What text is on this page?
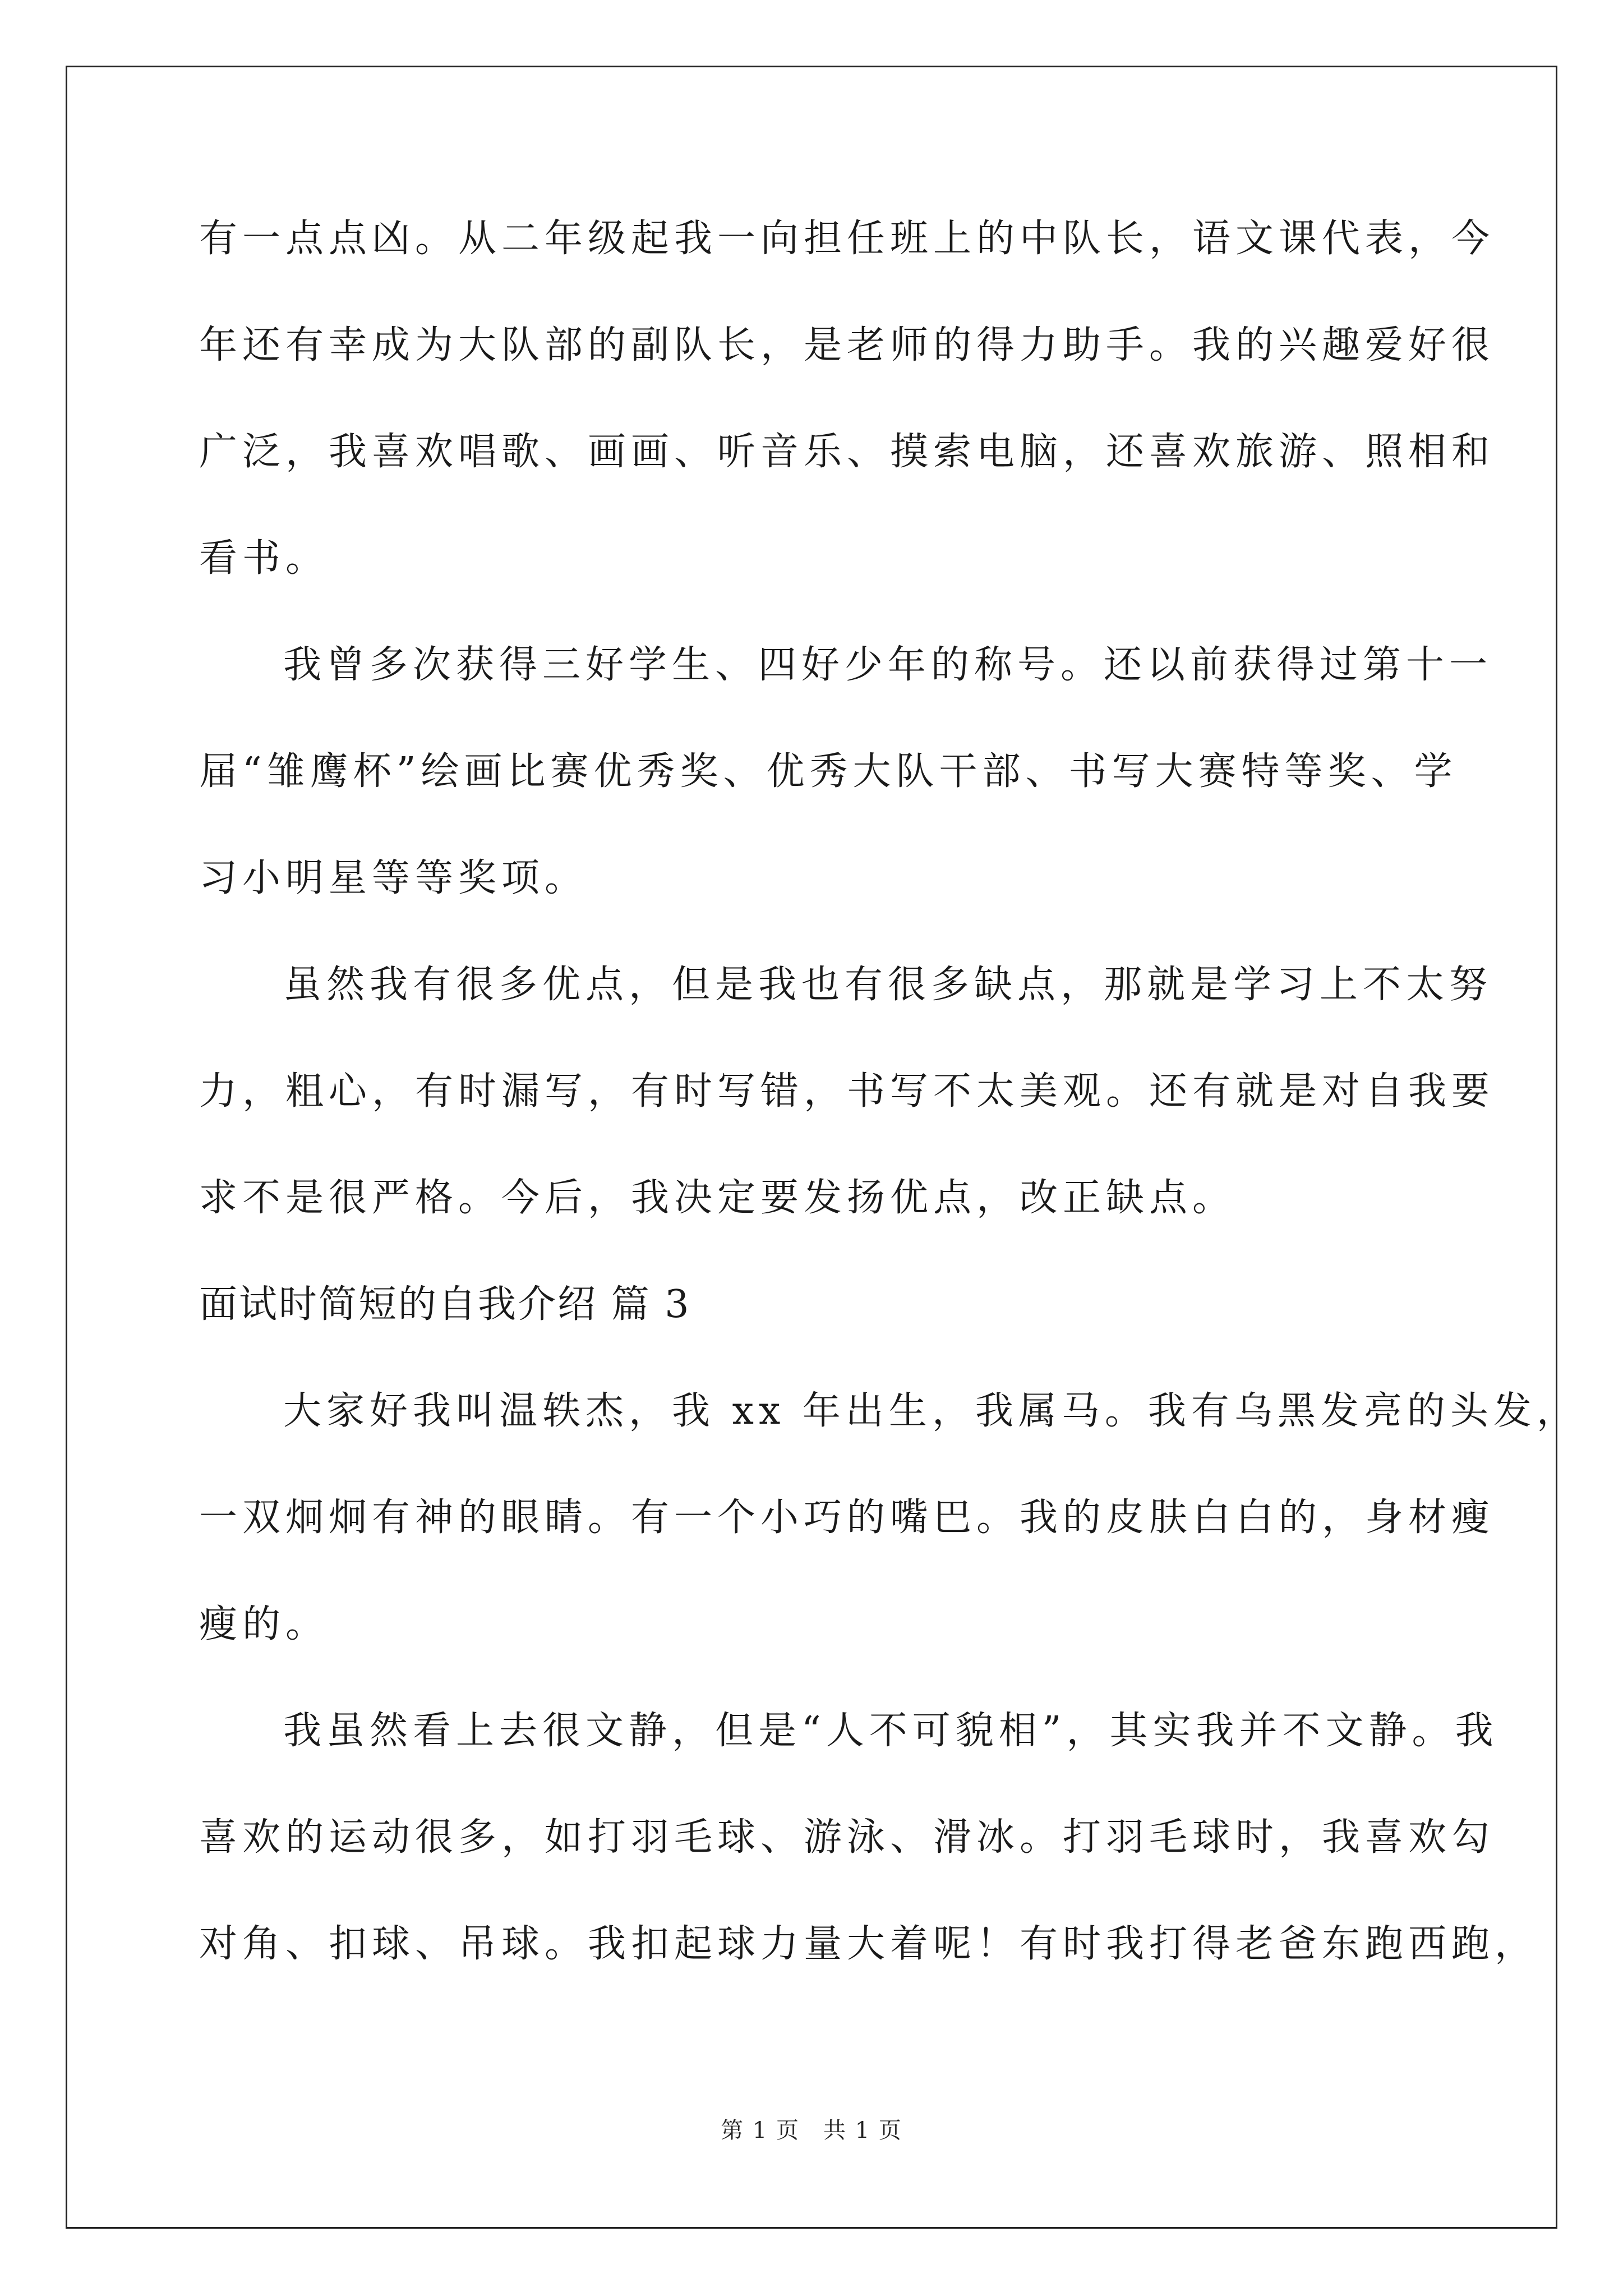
有一点点凶。从二年级起我一向担任班上的中队长，语文课代表，今
年还有幸成为大队部的副队长，是老师的得力助手。我的兴趣爱好很
广泛，我喜欢唱歌、画画、听音乐、摸索电脑，还喜欢旅游、照相和
看书。
我曾多次获得三好学生、四好少年的称号。还以前获得过第十一
届“雏鹰杯”绘画比赛优秀奖、优秀大队干部、书写大赛特等奖、学
习小明星等等奖项。
虽然我有很多优点，但是我也有很多缺点，那就是学习上不太努
力，粗心，有时漏写，有时写错，书写不太美观。还有就是对自我要
求不是很严格。今后，我决定要发扬优点，改正缺点。
面试时简短的自我介绍 篇 3
大家好我叫温轶杰，我 xx 年出生，我属马。我有乌黑发亮的头发，
一双炯炯有神的眼睛。有一个小巧的嘴巴。我的皮肤白白的，身材瘦
瘦的。
我虽然看上去很文静，但是“人不可貌相”，其实我并不文静。我
喜欢的运动很多，如打羽毛球、游泳、滑冰。打羽毛球时，我喜欢勾
对角、扣球、吊球。我扣起球力量大着呢！有时我打得老爸东跑西跑，
第 1 页　共 1 页
